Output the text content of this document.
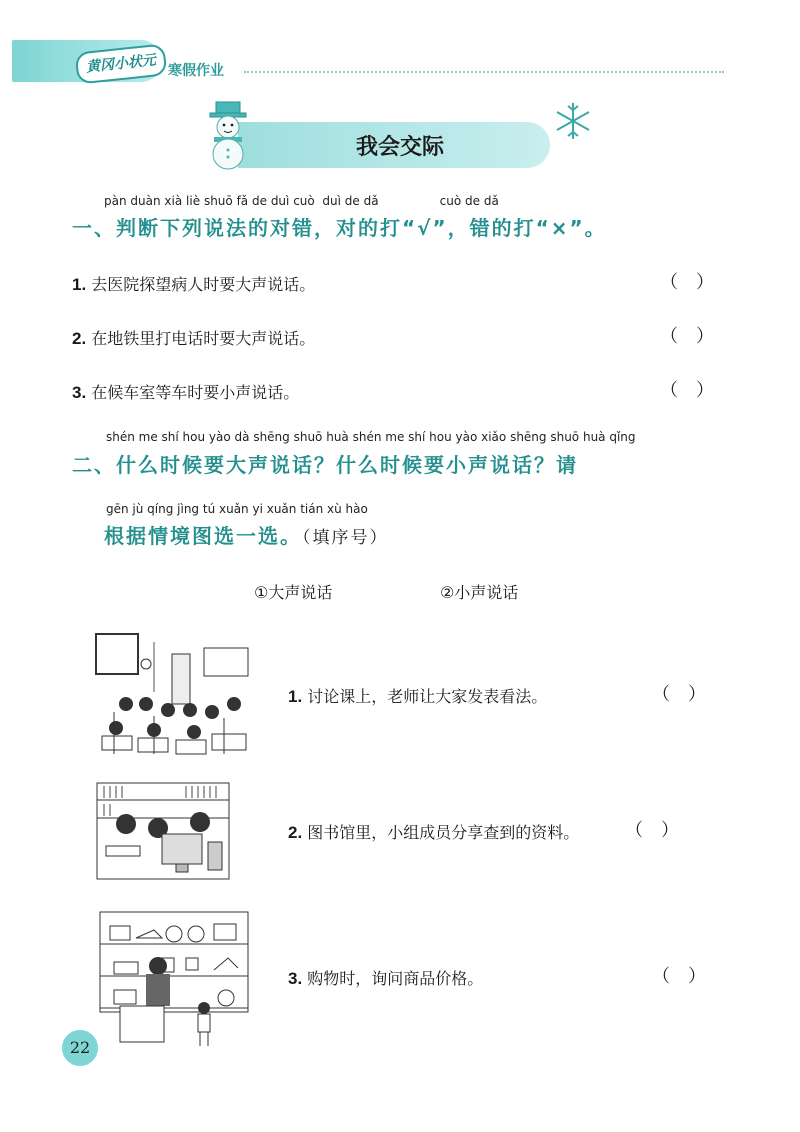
黄冈小状元 寒假作业
我会交际
pàn duàn xià liè shuō fǎ de duì cuò duì de dǎ	cuò de dǎ
一、判断下列说法的对错，对的打“√”，错的打“×”。
1. 去医院探望病人时要大声说话。	（　）
2. 在地铁里打电话时要大声说话。	（　）
3. 在候车室等车时要小声说话。	（　）
shén me shí hou yào dà shēng shuō huà shén me shí hou yào xiǎo shēng shuō huà qǐng
二、什么时候要大声说话？什么时候要小声说话？请
gēn jù qíng jìng tú xuǎn yi xuǎn tián xù hào
根据情境图选一选。（填序号）
①大声说话	②小声说话
1. 讨论课上，老师让大家发表看法。	（　）
2. 图书馆里，小组成员分享查到的资料。	（　）
3. 购物时，询问商品价格。	（　）
22
